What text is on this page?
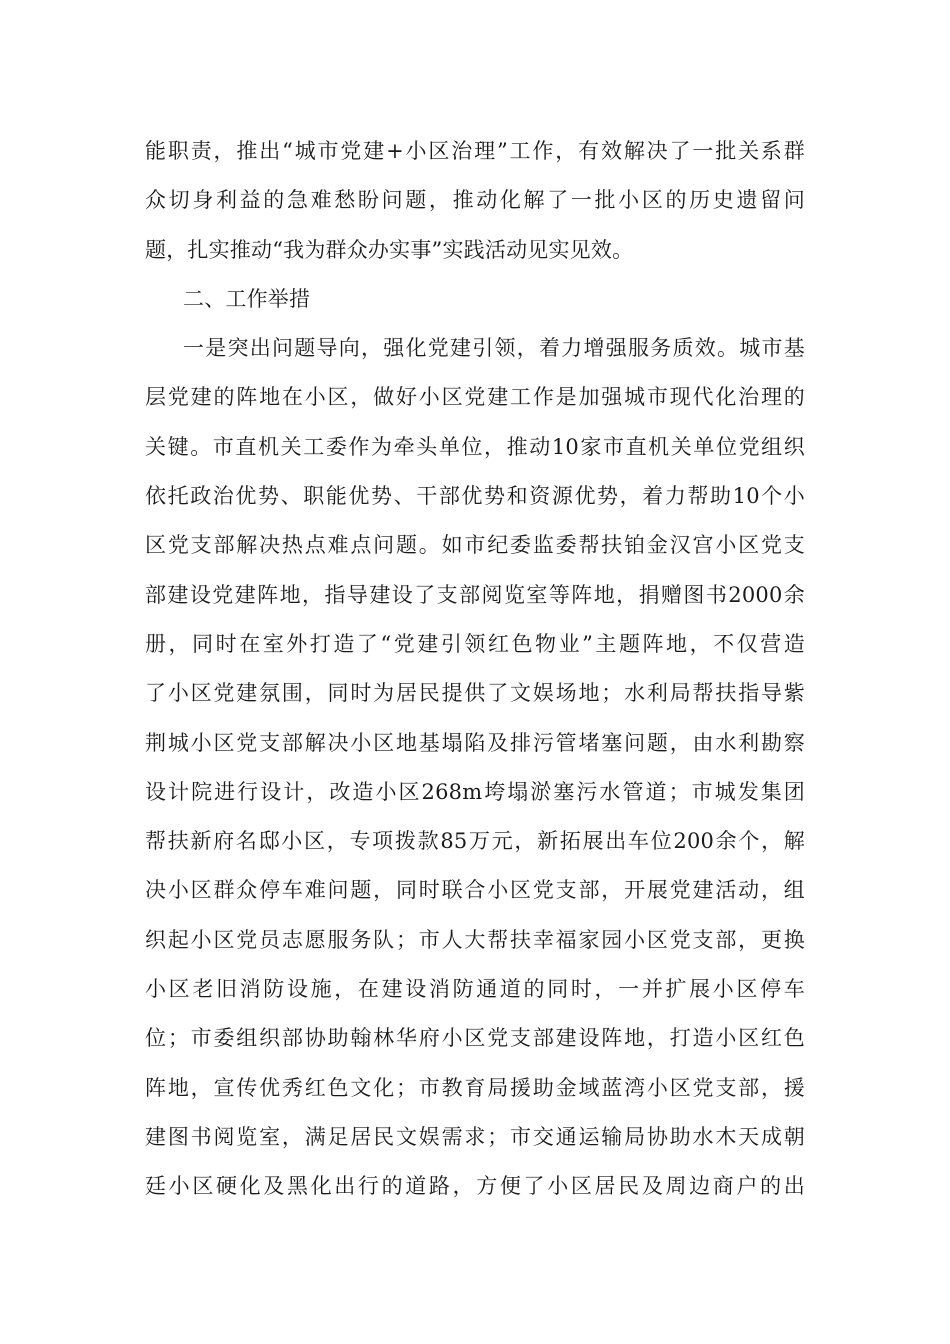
能职责，推出“城市党建+小区治理”工作，有效解决了一批关系群
众切身利益的急难愁盼问题，推动化解了一批小区的历史遗留问
题，扎实推动“我为群众办实事”实践活动见实见效。
二、工作举措
一是突出问题导向，强化党建引领，着力增强服务质效。城市基
层党建的阵地在小区，做好小区党建工作是加强城市现代化治理的
关键。市直机关工委作为牵头单位，推动10家市直机关单位党组织
依托政治优势、职能优势、干部优势和资源优势，着力帮助10个小
区党支部解决热点难点问题。如市纪委监委帮扶铂金汉宫小区党支
部建设党建阵地，指导建设了支部阅览室等阵地，捐赠图书2000余
册，同时在室外打造了“党建引领红色物业”主题阵地，不仅营造
了小区党建氛围，同时为居民提供了文娱场地；水利局帮扶指导紫
荆城小区党支部解决小区地基塌陷及排污管堵塞问题，由水利勘察
设计院进行设计，改造小区268m垮塌淤塞污水管道；市城发集团
帮扶新府名邸小区，专项拨款85万元，新拓展出车位200余个，解
决小区群众停车难问题，同时联合小区党支部，开展党建活动，组
织起小区党员志愿服务队；市人大帮扶幸福家园小区党支部，更换
小区老旧消防设施，在建设消防通道的同时，一并扩展小区停车
位；市委组织部协助翰林华府小区党支部建设阵地，打造小区红色
阵地，宣传优秀红色文化；市教育局援助金域蓝湾小区党支部，援
建图书阅览室，满足居民文娱需求；市交通运输局协助水木天成朝
廷小区硬化及黑化出行的道路，方便了小区居民及周边商户的出
